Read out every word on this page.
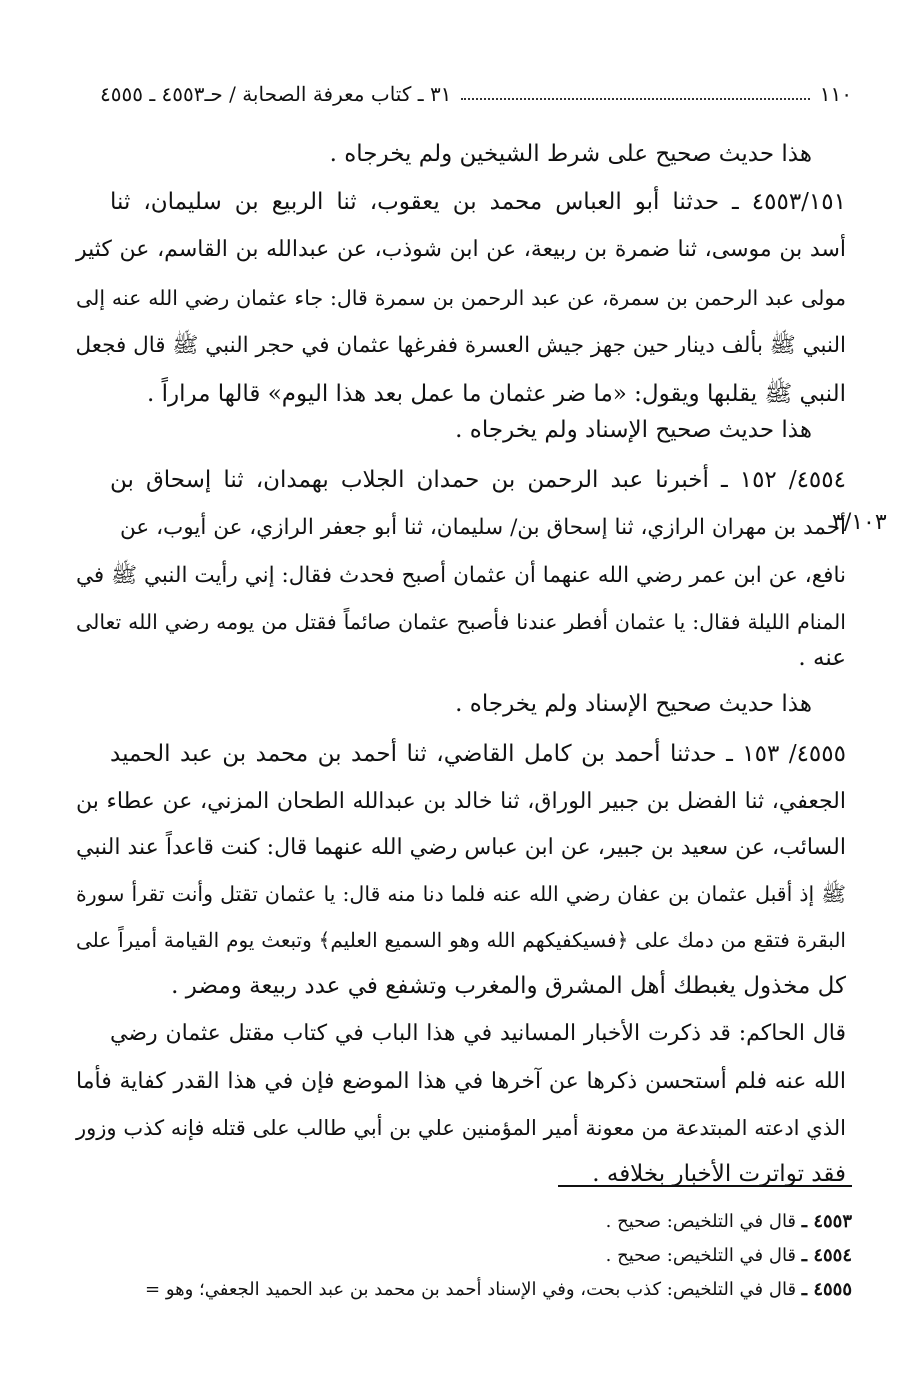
١١٠
٣١ ـ كتاب معرفة الصحابة / حـ٤٥٥٣ ـ ٤٥٥٥
هذا حديث صحيح على شرط الشيخين ولم يخرجاه .
٤٥٥٣/١٥١ ـ حدثنا أبو العباس محمد بن يعقوب، ثنا الربيع بن سليمان، ثنا
أسد بن موسى، ثنا ضمرة بن ربيعة، عن ابن شوذب، عن عبدالله بن القاسم، عن كثير
مولى عبد الرحمن بن سمرة، عن عبد الرحمن بن سمرة قال: جاء عثمان رضي الله عنه إلى
النبي ﷺ بألف دينار حين جهز جيش العسرة ففرغها عثمان في حجر النبي ﷺ قال فجعل
النبي ﷺ يقلبها ويقول: «ما ضر عثمان ما عمل بعد هذا اليوم» قالها مراراً .
هذا حديث صحيح الإسناد ولم يخرجاه .
٤٥٥٤/ ١٥٢ ـ أخبرنا عبد الرحمن بن حمدان الجلاب بهمدان، ثنا إسحاق بن
أحمد بن مهران الرازي، ثنا إسحاق بن/ سليمان، ثنا أبو جعفر الرازي، عن أيوب، عن
نافع، عن ابن عمر رضي الله عنهما أن عثمان أصبح فحدث فقال: إني رأيت النبي ﷺ في
المنام الليلة فقال: يا عثمان أفطر عندنا فأصبح عثمان صائماً فقتل من يومه رضي الله تعالى
عنه .
هذا حديث صحيح الإسناد ولم يخرجاه .
٤٥٥٥/ ١٥٣ ـ حدثنا أحمد بن كامل القاضي، ثنا أحمد بن محمد بن عبد الحميد
الجعفي، ثنا الفضل بن جبير الوراق، ثنا خالد بن عبدالله الطحان المزني، عن عطاء بن
السائب، عن سعيد بن جبير، عن ابن عباس رضي الله عنهما قال: كنت قاعداً عند النبي
ﷺ إذ أقبل عثمان بن عفان رضي الله عنه فلما دنا منه قال: يا عثمان تقتل وأنت تقرأ سورة
البقرة فتقع من دمك على ﴿فسيكفيكهم الله وهو السميع العليم﴾ وتبعث يوم القيامة أميراً على
كل مخذول يغبطك أهل المشرق والمغرب وتشفع في عدد ربيعة ومضر .
قال الحاكم: قد ذكرت الأخبار المسانيد في هذا الباب في كتاب مقتل عثمان رضي
الله عنه فلم أستحسن ذكرها عن آخرها في هذا الموضع فإن في هذا القدر كفاية فأما
الذي ادعته المبتدعة من معونة أمير المؤمنين علي بن أبي طالب على قتله فإنه كذب وزور
فقد تواترت الأخبار بخلافه .
٣/١٠٣
٤٥٥٣ ـ قال في التلخيص: صحيح .
٤٥٥٤ ـ قال في التلخيص: صحيح .
٤٥٥٥ ـ قال في التلخيص: كذب بحت، وفي الإسناد أحمد بن محمد بن عبد الحميد الجعفي؛ وهو =
